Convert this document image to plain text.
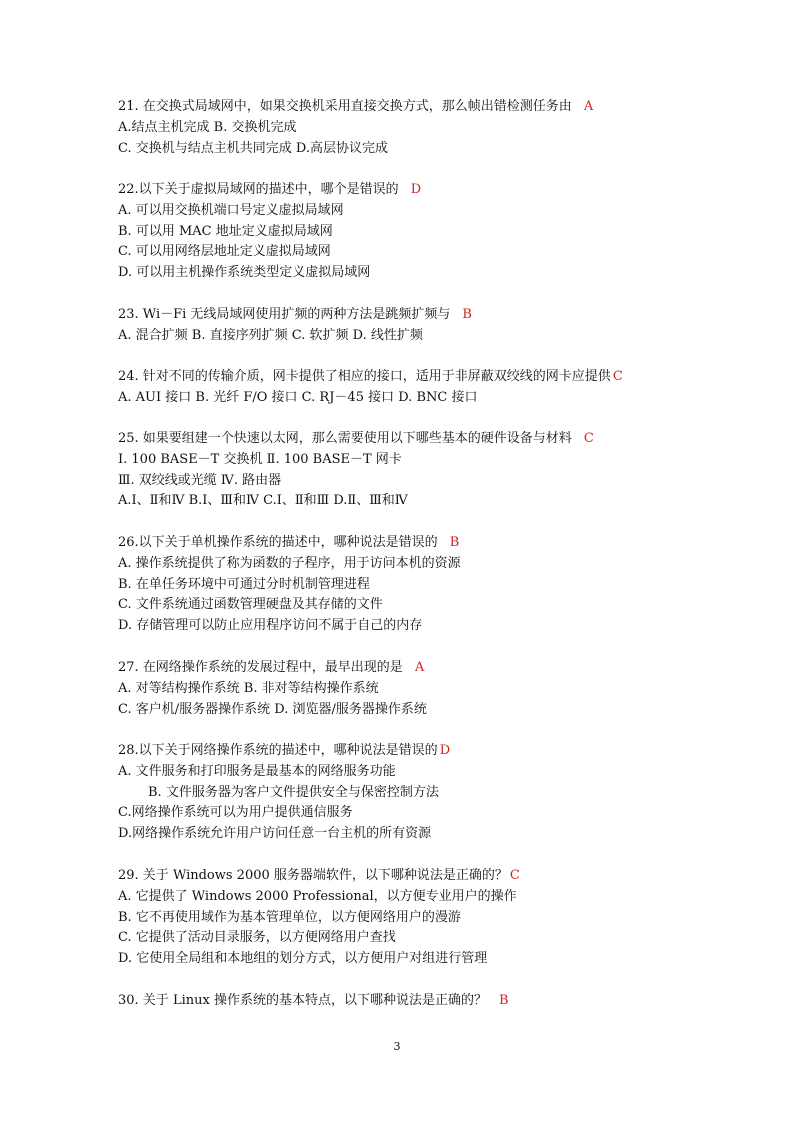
21. 在交换式局域网中，如果交换机采用直接交换方式，那么帧出错检测任务由 A
A.结点主机完成 B. 交换机完成
C. 交换机与结点主机共同完成 D.高层协议完成
22.以下关于虚拟局域网的描述中，哪个是错误的 D
A. 可以用交换机端口号定义虚拟局域网
B. 可以用 MAC 地址定义虚拟局域网
C. 可以用网络层地址定义虚拟局域网
D. 可以用主机操作系统类型定义虚拟局域网
23. Wi－Fi 无线局域网使用扩频的两种方法是跳频扩频与 B
A. 混合扩频 B. 直接序列扩频 C. 软扩频 D. 线性扩频
24. 针对不同的传输介质，网卡提供了相应的接口，适用于非屏蔽双绞线的网卡应提供 C
A. AUI 接口 B. 光纤 F/O 接口 C. RJ－45 接口 D. BNC 接口
25. 如果要组建一个快速以太网，那么需要使用以下哪些基本的硬件设备与材料 C
Ⅰ. 100 BASE－T 交换机 Ⅱ. 100 BASE－T 网卡
Ⅲ. 双绞线或光缆 Ⅳ. 路由器
A.Ⅰ、Ⅱ和Ⅳ B.Ⅰ、Ⅲ和Ⅳ C.Ⅰ、Ⅱ和Ⅲ D.Ⅱ、Ⅲ和Ⅳ
26.以下关于单机操作系统的描述中，哪种说法是错误的 B
A. 操作系统提供了称为函数的子程序，用于访问本机的资源
B. 在单任务环境中可通过分时机制管理进程
C. 文件系统通过函数管理硬盘及其存储的文件
D. 存储管理可以防止应用程序访问不属于自己的内存
27. 在网络操作系统的发展过程中，最早出现的是 A
A. 对等结构操作系统 B. 非对等结构操作系统
C. 客户机/服务器操作系统 D. 浏览器/服务器操作系统
28.以下关于网络操作系统的描述中，哪种说法是错误的 D
A. 文件服务和打印服务是最基本的网络服务功能
B. 文件服务器为客户文件提供安全与保密控制方法
C.网络操作系统可以为用户提供通信服务
D.网络操作系统允许用户访问任意一台主机的所有资源
29. 关于 Windows 2000 服务器端软件，以下哪种说法是正确的？ C
A. 它提供了 Windows 2000 Professional，以方便专业用户的操作
B. 它不再使用域作为基本管理单位，以方便网络用户的漫游
C. 它提供了活动目录服务，以方便网络用户查找
D. 它使用全局组和本地组的划分方式，以方便用户对组进行管理
30. 关于 Linux 操作系统的基本特点，以下哪种说法是正确的？ B
3
